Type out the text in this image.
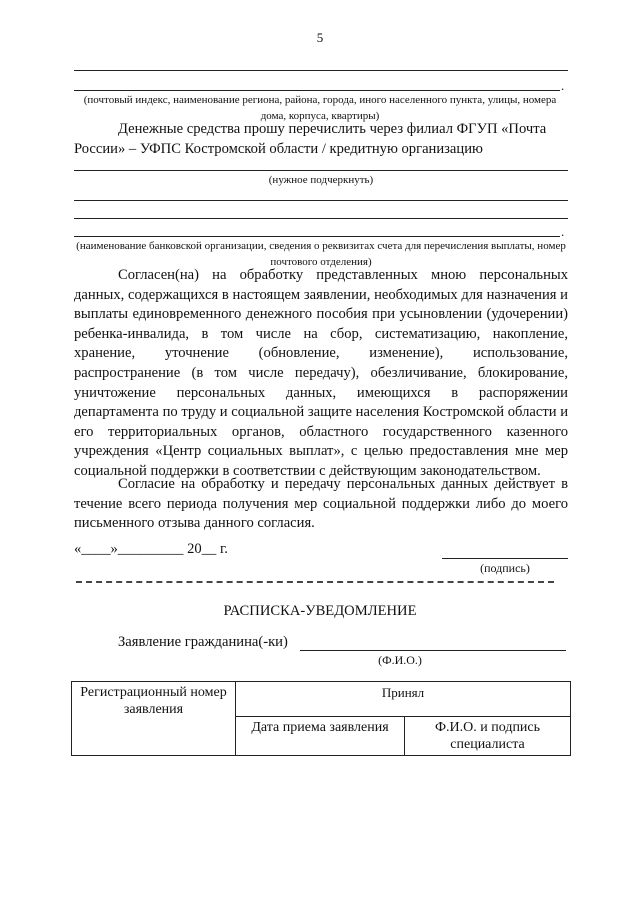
5
.
(почтовый индекс, наименование региона, района, города, иного населенного пункта, улицы, номера дома, корпуса, квартиры)
Денежные средства прошу перечислить через филиал ФГУП «Почта России» – УФПС Костромской области / кредитную организацию
(нужное подчеркнуть)
.
(наименование банковской организации, сведения о реквизитах счета для перечисления выплаты, номер почтового отделения)
Согласен(на) на обработку представленных мною персональных данных, содержащихся в настоящем заявлении, необходимых для назначения и выплаты единовременного денежного пособия при усыновлении (удочерении) ребенка-инвалида, в том числе на сбор, систематизацию, накопление, хранение, уточнение (обновление, изменение), использование, распространение (в том числе передачу), обезличивание, блокирование, уничтожение персональных данных, имеющихся в распоряжении департамента по труду и социальной защите населения Костромской области и его территориальных органов, областного государственного казенного учреждения «Центр социальных выплат», с целью предоставления мне мер социальной поддержки в соответствии с действующим законодательством.
Согласие на обработку и передачу персональных данных действует в течение всего периода получения мер социальной поддержки либо до моего письменного отзыва данного согласия.
«____»_________ 20__ г.
(подпись)
РАСПИСКА-УВЕДОМЛЕНИЕ
Заявление гражданина(-ки)
(Ф.И.О.)
Регистрационный номер заявления	Принял	
	Дата приема заявления	Ф.И.О. и подпись специалиста
